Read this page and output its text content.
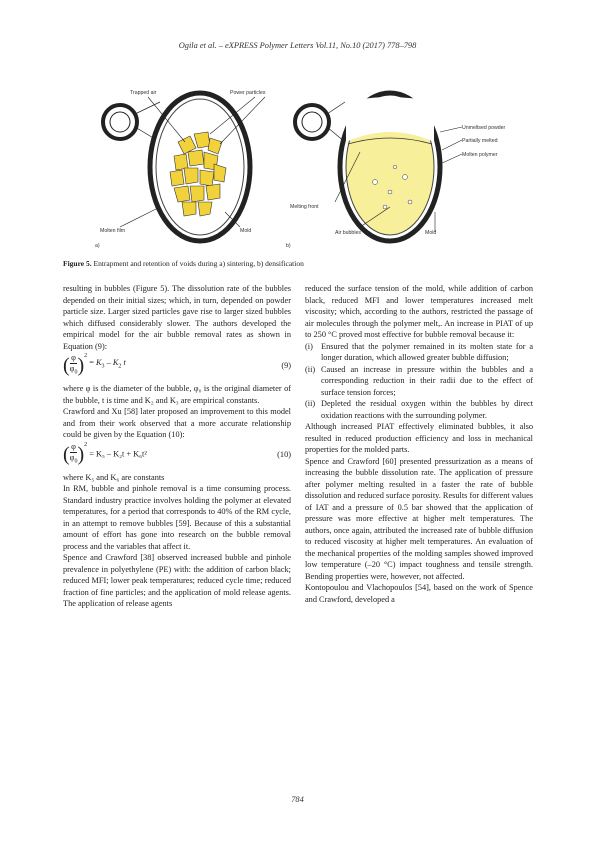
Ogila et al. – eXPRESS Polymer Letters Vol.11, No.10 (2017) 778–798
Trapped air	Power particles
Molten film	Mold
a)
Unmeltsed powder
Partially melted
Molten polymer
Melting front
Air bubbles	Mold
b)
Figure 5. Entrapment and retention of voids during a) sintering, b) densification

resulting in bubbles (Figure 5). The dissolution rate of the bubbles depended on their initial sizes; which, in turn, depended on powder particle size. Larger sized particles gave rise to larger sized bubbles which diffused considerably slower. The authors developed the empirical model for the air bubble removal rates as shown in Equation (9):

( $\frac{\varphi}{\varphi_0} )^2 = K_3 - K_2$ t	(9)

where φ is the diameter of the bubble, φ₀ is the original diameter of the bubble, t is time and K₂ and K₃ are empirical constants.

Crawford and Xu [58] later proposed an improvement to this model and from their work observed that a more accurate relationship could be given by the Equation (10):

( $\frac{\varphi}{\varphi_0} )^2 = K_5 - K_2t + K_6t^2$	(10)

where K₅ and K₆ are constants

In RM, bubble and pinhole removal is a time consuming process. Standard industry practice involves holding the polymer at elevated temperatures, for a period that corresponds to 40% of the RM cycle, in an attempt to remove bubbles [59]. Because of this a substantial amount of effort has gone into research on the bubble removal process and the variables that affect it.

Spence and Crawford [38] observed increased bubble and pinhole prevalence in polyethylene (PE) with: the addition of carbon black; reduced MFI; lower peak temperatures; reduced cycle time; reduced fraction of fine particles; and the application of mold release agents. The application of release agents

reduced the surface tension of the mold, while addition of carbon black, reduced MFI and lower temperatures increased melt viscosity; which, according to the authors, restricted the passage of air molecules through the polymer melt,. An increase in PIAT of up to 250 °C proved most effective for bubble removal because it:

(i) Ensured that the polymer remained in its molten state for a longer duration, which allowed greater bubble diffusion;
(ii) Caused an increase in pressure within the bubbles and a corresponding reduction in their radii due to the effect of surface tension forces;
(ii) Depleted the residual oxygen within the bubbles by direct oxidation reactions with the surrounding polymer.

Although increased PIAT effectively eliminated bubbles, it also resulted in reduced production efficiency and loss in mechanical properties for the molded parts.

Spence and Crawford [60] presented pressurization as a means of increasing the bubble dissolution rate. The application of pressure after polymer melting resulted in a faster the rate of bubble dissolution and reduced surface porosity. Results for different values of IAT and a pressure of 0.5 bar showed that the application of pressure was more effective at higher melt temperatures. The authors, once again, attributed the increased rate of bubble diffusion to reduced viscosity at higher melt temperatures. An evaluation of the mechanical properties of the molding samples showed improved low temperature (–20 °C) impact toughness and tensile strength. Bending properties were, however, not affected.

Kontopoulou and Vlachopoulos [54], based on the work of Spence and Crawford, developed a

784
